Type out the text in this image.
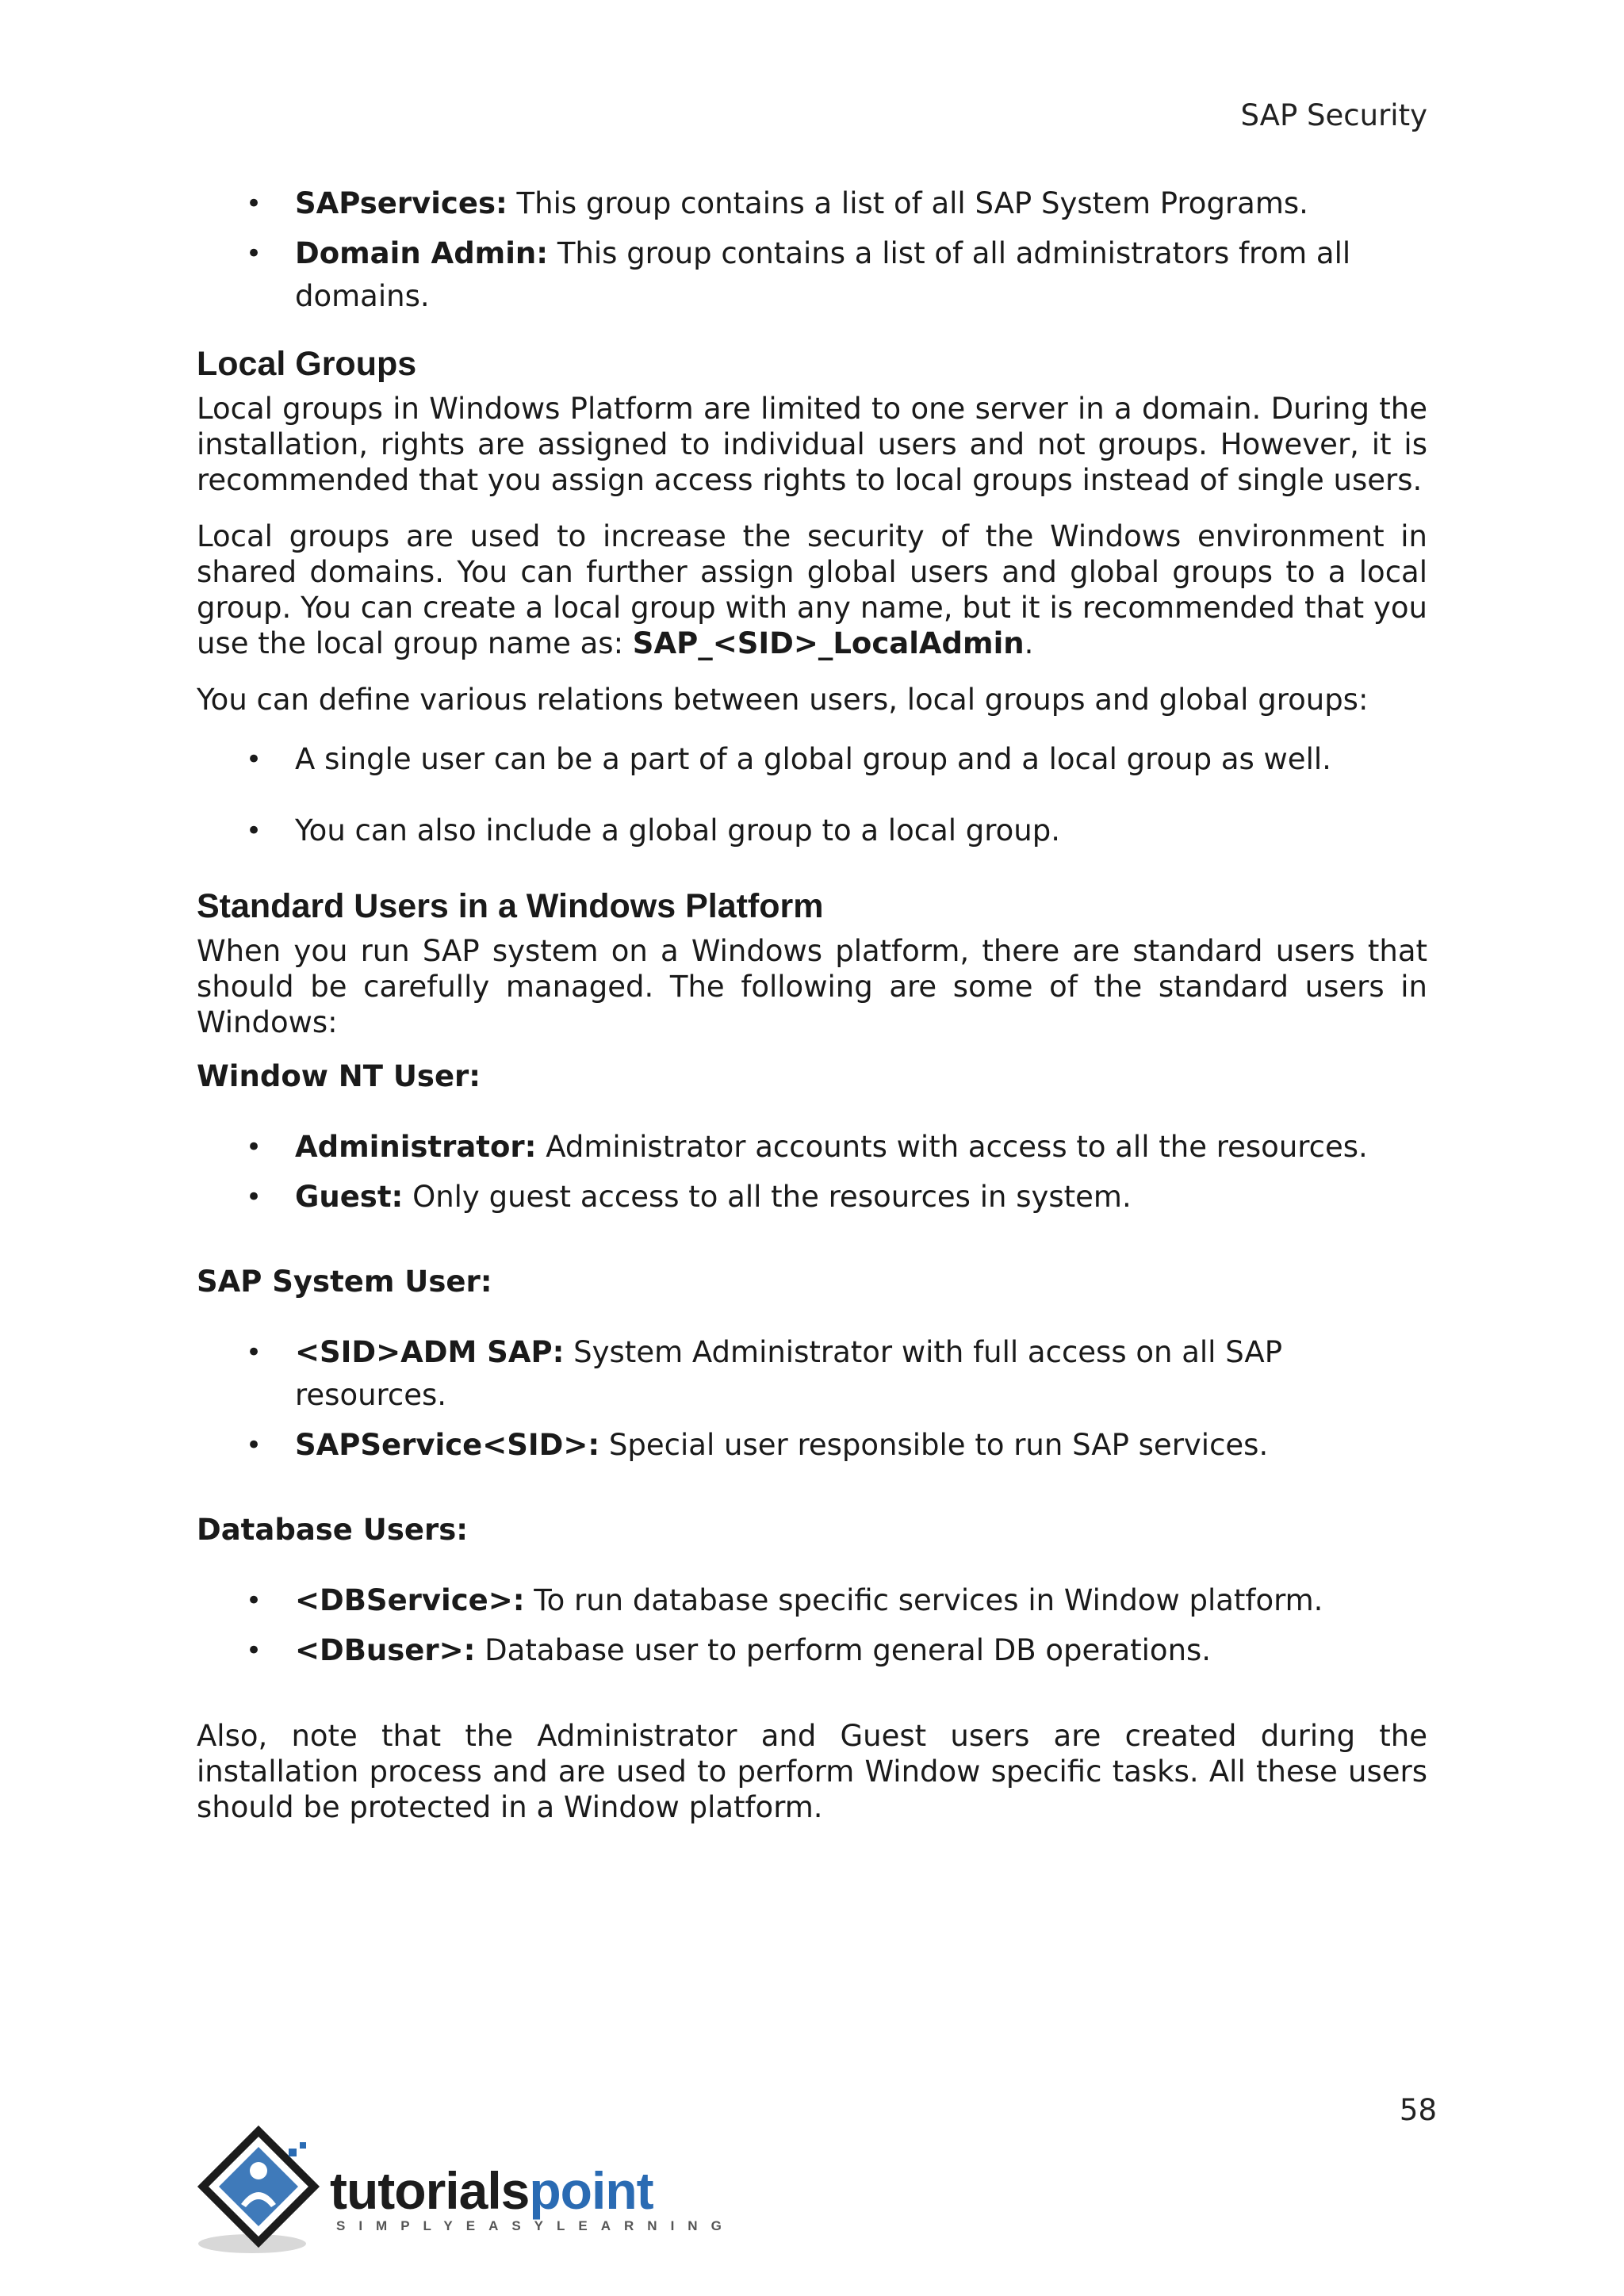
SAP Security
• SAPservices: This group contains a list of all SAP System Programs.
• Domain Admin: This group contains a list of all administrators from all domains.
Local Groups

Local groups in Windows Platform are limited to one server in a domain. During the installation, rights are assigned to individual users and not groups. However, it is recommended that you assign access rights to local groups instead of single users.

Local groups are used to increase the security of the Windows environment in shared domains. You can further assign global users and global groups to a local group. You can create a local group with any name, but it is recommended that you use the local group name as: SAP_<SID>_LocalAdmin.

You can define various relations between users, local groups and global groups:

• A single user can be a part of a global group and a local group as well.
• You can also include a global group to a local group.
Standard Users in a Windows Platform

When you run SAP system on a Windows platform, there are standard users that should be carefully managed. The following are some of the standard users in Windows:

Window NT User:

• Administrator: Administrator accounts with access to all the resources.
• Guest: Only guest access to all the resources in system.

SAP System User:

• <SID>ADM SAP: System Administrator with full access on all SAP resources.
• SAPService<SID>: Special user responsible to run SAP services.

Database Users:

• <DBService>: To run database specific services in Window platform.
• <DBuser>: Database user to perform general DB operations.

Also, note that the Administrator and Guest users are created during the installation process and are used to perform Window specific tasks. All these users should be protected in a Window platform.

58
tutorialspoint
SIMPLYEASYLEARNING
